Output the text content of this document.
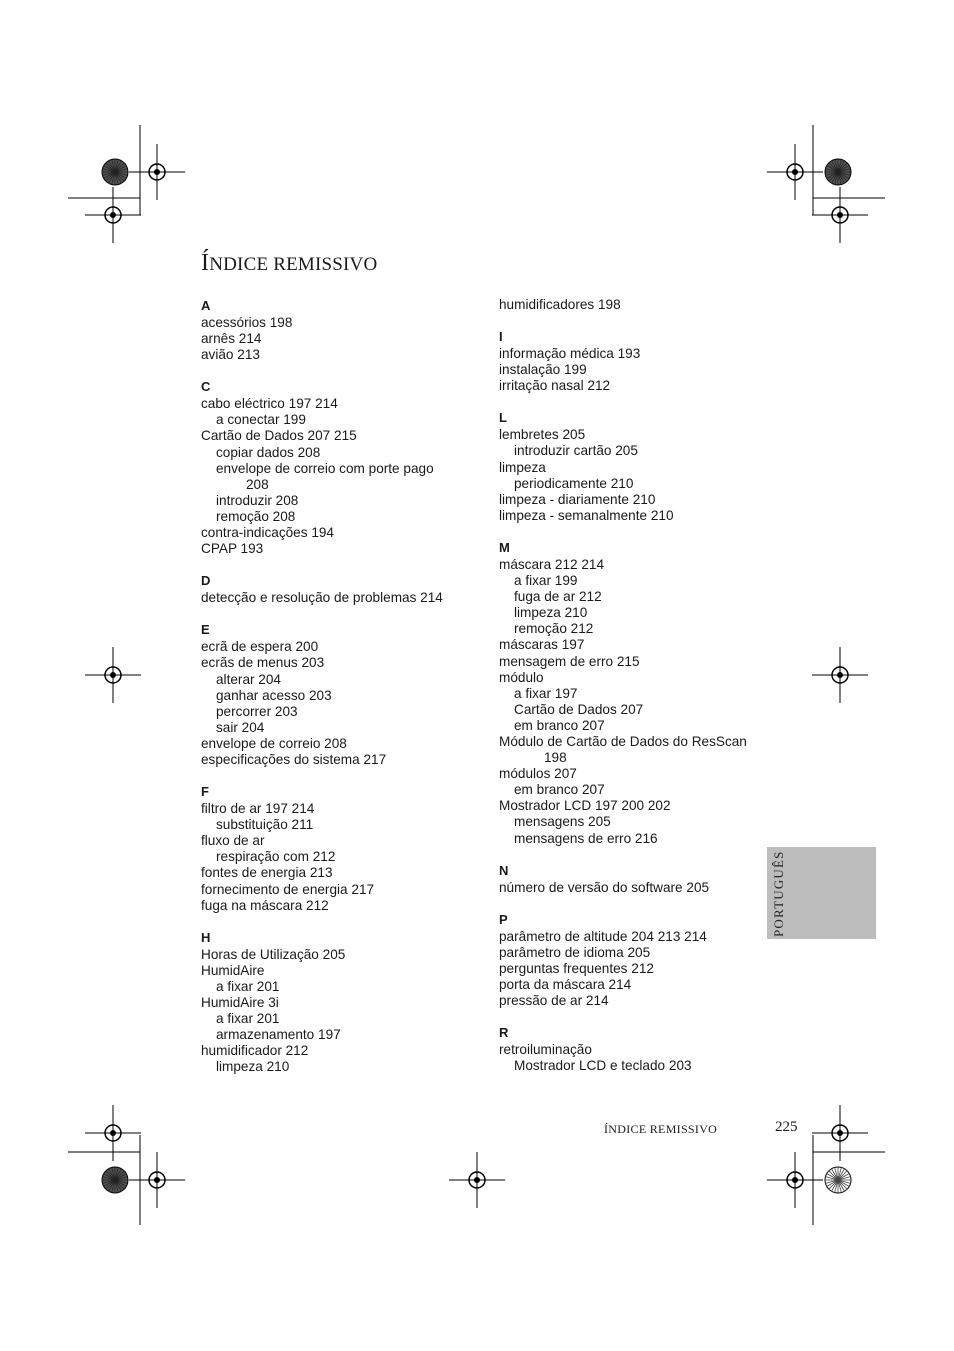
ÍNDICE REMISSIVO
A
acessórios 198
arnês 214
avião 213
C
cabo eléctrico 197 214
a conectar 199
Cartão de Dados 207 215
copiar dados 208
envelope de correio com porte pago
208
introduzir 208
remoção 208
contra-indicações 194
CPAP 193
D
detecção e resolução de problemas 214
E
ecrã de espera 200
ecrãs de menus 203
alterar 204
ganhar acesso 203
percorrer 203
sair 204
envelope de correio 208
especificações do sistema 217
F
filtro de ar 197 214
substituição 211
fluxo de ar
respiração com 212
fontes de energia 213
fornecimento de energia 217
fuga na máscara 212
H
Horas de Utilização 205
HumidAire
a fixar 201
HumidAire 3i
a fixar 201
armazenamento 197
humidificador 212
limpeza 210
humidificadores 198
I
informação médica 193
instalação 199
irritação nasal 212
L
lembretes 205
introduzir cartão 205
limpeza
periodicamente 210
limpeza - diariamente 210
limpeza - semanalmente 210
M
máscara 212 214
a fixar 199
fuga de ar 212
limpeza 210
remoção 212
máscaras 197
mensagem de erro 215
módulo
a fixar 197
Cartão de Dados 207
em branco 207
Módulo de Cartão de Dados do ResScan
198
módulos 207
em branco 207
Mostrador LCD 197 200 202
mensagens 205
mensagens de erro 216
N
número de versão do software 205
P
parâmetro de altitude 204 213 214
parâmetro de idioma 205
perguntas frequentes 212
porta da máscara 214
pressão de ar 214
R
retroiluminação
Mostrador LCD e teclado 203
PORTUGUÊS
ÍNDICE REMISSIVO	225
